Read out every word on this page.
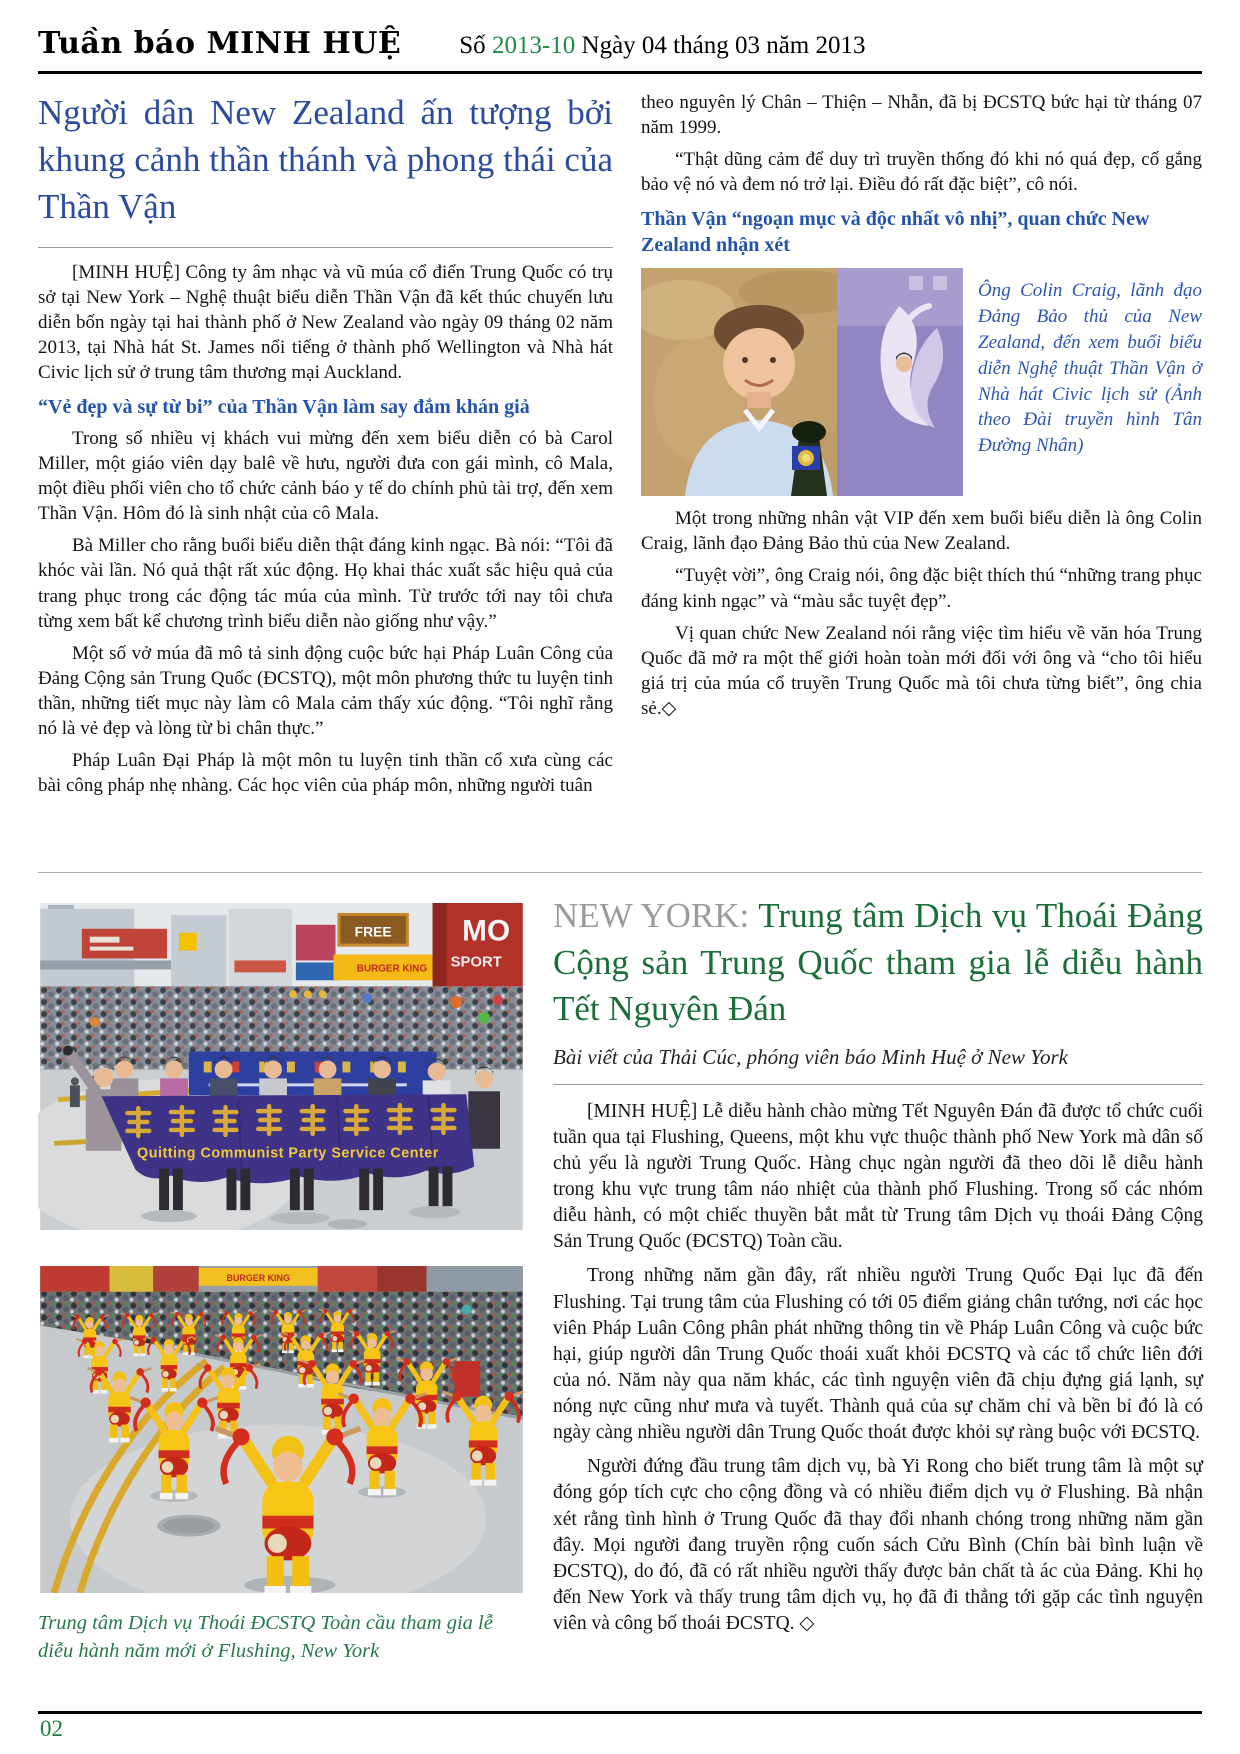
Tuần báo MINH HUỆ Số 2013-10 Ngày 04 tháng 03 năm 2013
Người dân New Zealand ấn tượng bởi khung cảnh thần thánh và phong thái của Thần Vận

[MINH HUỆ] Công ty âm nhạc và vũ múa cổ điển Trung Quốc có trụ sở tại New York – Nghệ thuật biểu diễn Thần Vận đã kết thúc chuyến lưu diễn bốn ngày tại hai thành phố ở New Zealand vào ngày 09 tháng 02 năm 2013, tại Nhà hát St. James nổi tiếng ở thành phố Wellington và Nhà hát Civic lịch sử ở trung tâm thương mại Auckland.

“Vẻ đẹp và sự từ bi” của Thần Vận làm say đắm khán giả

Trong số nhiều vị khách vui mừng đến xem biểu diễn có bà Carol Miller, một giáo viên dạy balê về hưu, người đưa con gái mình, cô Mala, một điều phối viên cho tổ chức cảnh báo y tế do chính phủ tài trợ, đến xem Thần Vận. Hôm đó là sinh nhật của cô Mala.

Bà Miller cho rằng buổi biểu diễn thật đáng kinh ngạc. Bà nói: “Tôi đã khóc vài lần. Nó quả thật rất xúc động. Họ khai thác xuất sắc hiệu quả của trang phục trong các động tác múa của mình. Từ trước tới nay tôi chưa từng xem bất kể chương trình biểu diễn nào giống như vậy.”

Một số vở múa đã mô tả sinh động cuộc bức hại Pháp Luân Công của Đảng Cộng sản Trung Quốc (ĐCSTQ), một môn phương thức tu luyện tinh thần, những tiết mục này làm cô Mala cảm thấy xúc động. “Tôi nghĩ rằng nó là vẻ đẹp và lòng từ bi chân thực.”

Pháp Luân Đại Pháp là một môn tu luyện tinh thần cổ xưa cùng các bài công pháp nhẹ nhàng. Các học viên của pháp môn, những người tuân

theo nguyên lý Chân – Thiện – Nhẫn, đã bị ĐCSTQ bức hại từ tháng 07 năm 1999.

“Thật dũng cảm để duy trì truyền thống đó khi nó quá đẹp, cố gắng bảo vệ nó và đem nó trở lại. Điều đó rất đặc biệt”, cô nói.

Thần Vận “ngoạn mục và độc nhất vô nhị”, quan chức New Zealand nhận xét
Ông Colin Craig, lãnh đạo Đảng Bảo thủ của New Zealand, đến xem buổi biểu diễn Nghệ thuật Thần Vận ở Nhà hát Civic lịch sử (Ảnh theo Đài truyền hình Tân Đường Nhân)

Một trong những nhân vật VIP đến xem buổi biểu diễn là ông Colin Craig, lãnh đạo Đảng Bảo thủ của New Zealand.

“Tuyệt vời”, ông Craig nói, ông đặc biệt thích thú “những trang phục đáng kinh ngạc” và “màu sắc tuyệt đẹp”.

Vị quan chức New Zealand nói rằng việc tìm hiểu về văn hóa Trung Quốc đã mở ra một thế giới hoàn toàn mới đối với ông và “cho tôi hiểu giá trị của múa cổ truyền Trung Quốc mà tôi chưa từng biết”, ông chia sẻ.◇

FREE
BURGER KING
MO
SPORT
Quitting Communist Party Service Center
BURGER KING
Trung tâm Dịch vụ Thoái ĐCSTQ Toàn cầu tham gia lễ diễu hành năm mới ở Flushing, New York
NEW YORK: Trung tâm Dịch vụ Thoái Đảng Cộng sản Trung Quốc tham gia lễ diễu hành Tết Nguyên Đán
Bài viết của Thải Cúc, phóng viên báo Minh Huệ ở New York

[MINH HUỆ] Lễ diễu hành chào mừng Tết Nguyên Đán đã được tổ chức cuối tuần qua tại Flushing, Queens, một khu vực thuộc thành phố New York mà dân số chủ yếu là người Trung Quốc. Hàng chục ngàn người đã theo dõi lễ diễu hành trong khu vực trung tâm náo nhiệt của thành phố Flushing. Trong số các nhóm diễu hành, có một chiếc thuyền bắt mắt từ Trung tâm Dịch vụ thoái Đảng Cộng Sản Trung Quốc (ĐCSTQ) Toàn cầu.

Trong những năm gần đây, rất nhiều người Trung Quốc Đại lục đã đến Flushing. Tại trung tâm của Flushing có tới 05 điểm giảng chân tướng, nơi các học viên Pháp Luân Công phân phát những thông tin về Pháp Luân Công và cuộc bức hại, giúp người dân Trung Quốc thoái xuất khỏi ĐCSTQ và các tổ chức liên đới của nó. Năm này qua năm khác, các tình nguyện viên đã chịu đựng giá lạnh, sự nóng nực cũng như mưa và tuyết. Thành quả của sự chăm chỉ và bền bỉ đó là có ngày càng nhiều người dân Trung Quốc thoát được khỏi sự ràng buộc với ĐCSTQ.

Người đứng đầu trung tâm dịch vụ, bà Yi Rong cho biết trung tâm là một sự đóng góp tích cực cho cộng đồng và có nhiều điểm dịch vụ ở Flushing. Bà nhận xét rằng tình hình ở Trung Quốc đã thay đổi nhanh chóng trong những năm gần đây. Mọi người đang truyền rộng cuốn sách Cửu Bình (Chín bài bình luận về ĐCSTQ), do đó, đã có rất nhiều người thấy được bản chất tà ác của Đảng. Khi họ đến New York và thấy trung tâm dịch vụ, họ đã đi thẳng tới gặp các tình nguyện viên và công bố thoái ĐCSTQ. ◇

02
